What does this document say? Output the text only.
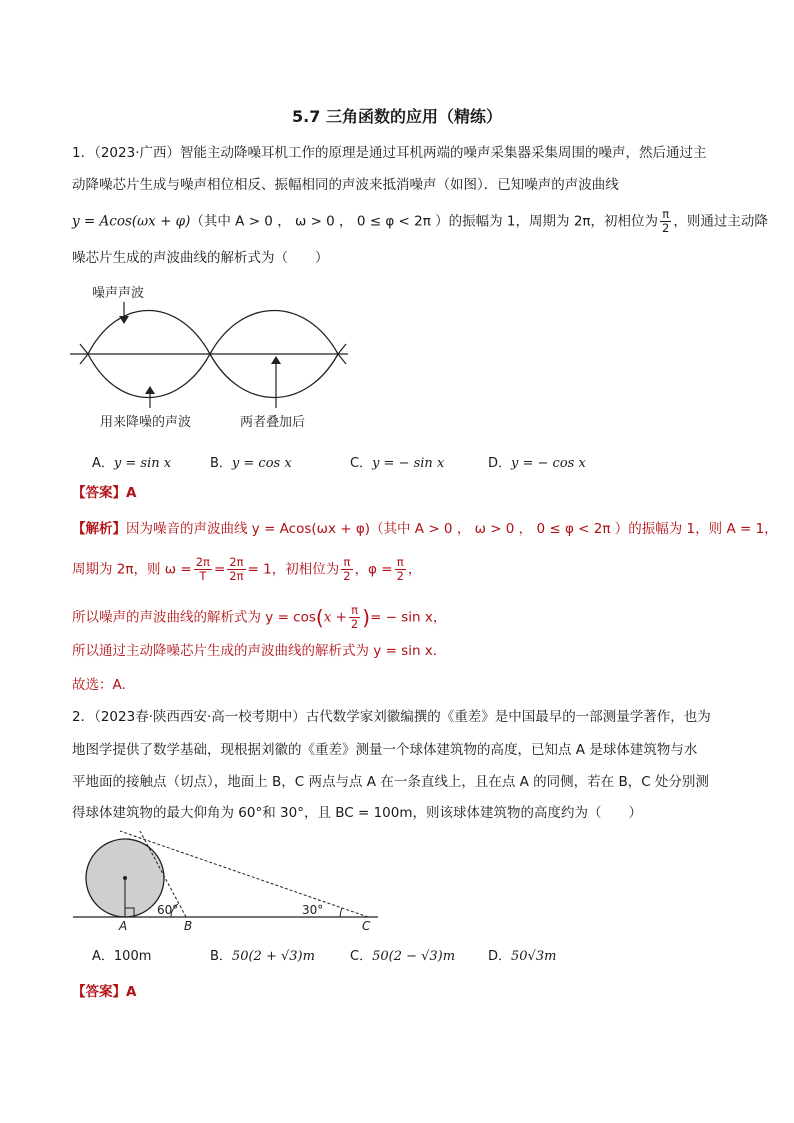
5.7 三角函数的应用（精练）
1．（2023·广西）智能主动降噪耳机工作的原理是通过耳机两端的噪声采集器采集周围的噪声，然后通过主
动降噪芯片生成与噪声相位相反、振幅相同的声波来抵消噪声（如图）．已知噪声的声波曲线
y = Acos(ωx + φ)（其中 A > 0 ， ω > 0 ， 0 ≤ φ < 2π ）的振幅为 1，周期为 2π，初相位为 $\frac{\pi}{2}$ ，则通过主动降
噪芯片生成的声波曲线的解析式为（　　）
噪声声波
用来降噪的声波	两者叠加后
A．y = sin x	B．y = cos x	C．y = − sin x	D．y = − cos x
【答案】A
【解析】因为噪音的声波曲线 y = Acos(ωx + φ)（其中 A > 0 ， ω > 0 ， 0 ≤ φ < 2π ）的振幅为 1，则 A = 1，
周期为 2π，则 $\omega = \frac{2\pi}{T} = \frac{2\pi}{2\pi} = 1$，初相位为 $\frac{\pi}{2}$ ，$\varphi = \frac{\pi}{2}$ ，
所以噪声的声波曲线的解析式为 $y = \cos(x + \frac{\pi}{2}$ )= − sin x，
所以通过主动降噪芯片生成的声波曲线的解析式为 y = sin x．
故选：A.
2．（2023春·陕西西安·高一校考期中）古代数学家刘徽编撰的《重差》是中国最早的一部测量学著作，也为
地图学提供了数学基础，现根据刘徽的《重差》测量一个球体建筑物的高度，已知点 A 是球体建筑物与水
平地面的接触点（切点），地面上 B，C 两点与点 A 在一条直线上，且在点 A 的同侧，若在 B，C 处分别测
得球体建筑物的最大仰角为 60°和 30°，且 BC = 100m，则该球体建筑物的高度约为（　　）
60°	30°
A	B	C
A．100m	B．50(2 + √3)m	C．50(2 − √3)m	D．50√3m
【答案】A
